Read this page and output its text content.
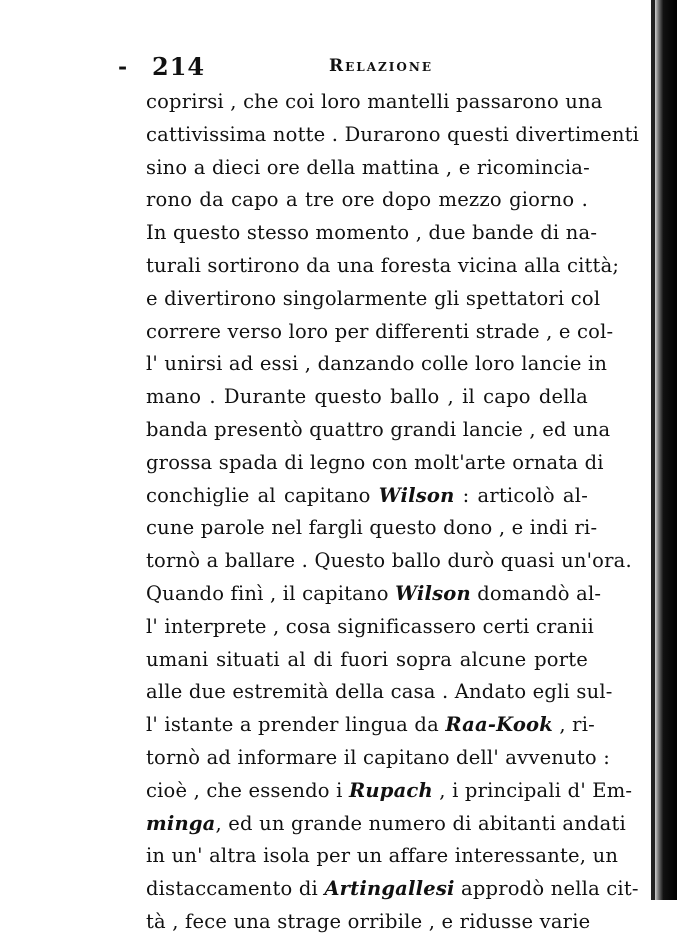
- 214	Relazione
coprirsi , che coi loro mantelli passarono una
cattivissima notte . Durarono questi divertimenti
sino a dieci ore della mattina , e ricomincia-
rono da capo a tre ore dopo mezzo giorno .
In questo stesso momento , due bande di na-
turali sortirono da una foresta vicina alla città;
e divertirono singolarmente gli spettatori col
correre verso loro per differenti strade , e col-
l' unirsi ad essi , danzando colle loro lancie in
mano . Durante questo ballo , il capo della
banda presentò quattro grandi lancie , ed una
grossa spada di legno con molt'arte ornata di
conchiglie al capitano Wilson : articolò al-
cune parole nel fargli questo dono , e indi ri-
tornò a ballare . Questo ballo durò quasi un'ora.
Quando finì , il capitano Wilson domandò al-
l' interprete , cosa significassero certi cranii
umani situati al di fuori sopra alcune porte
alle due estremità della casa . Andato egli sul-
l' istante a prender lingua da Raa-Kook , ri-
tornò ad informare il capitano dell' avvenuto :
cioè , che essendo i Rupach , i principali d' Em-
minga, ed un grande numero di abitanti andati
in un' altra isola per un affare interessante, un
distaccamento di Artingallesi approdò nella cit-
tà , fece una strage orribile , e ridusse varie
